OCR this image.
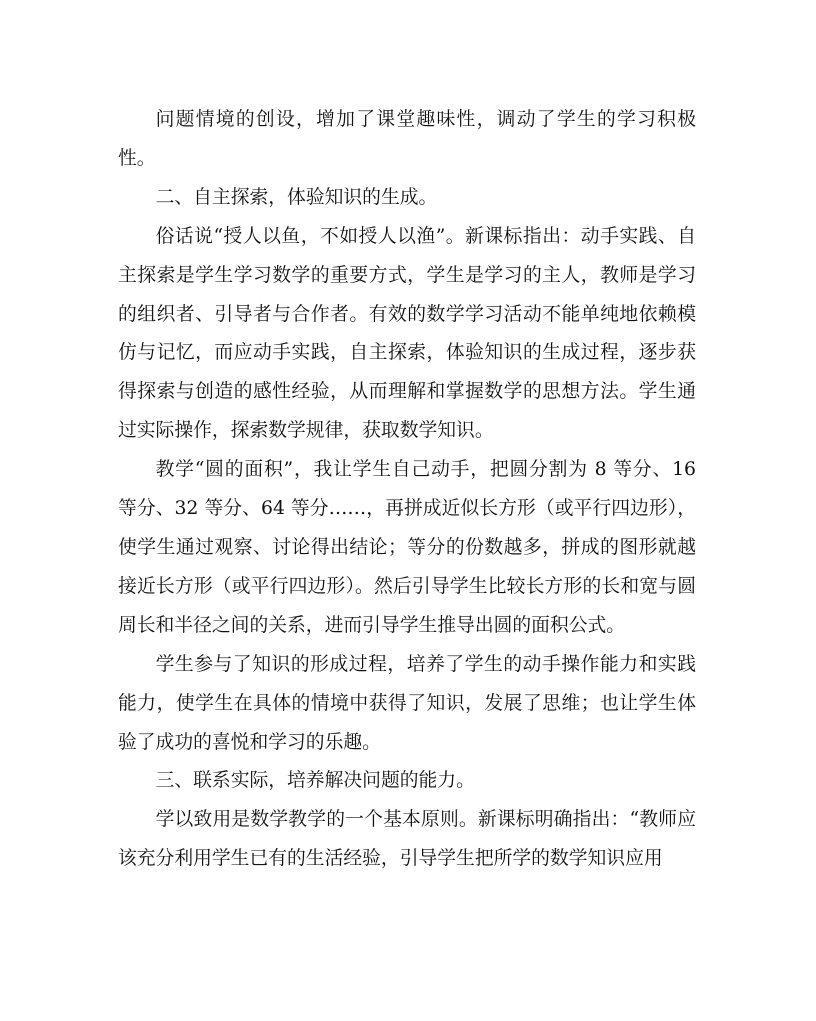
问题情境的创设，增加了课堂趣味性，调动了学生的学习积极性。

二、自主探索，体验知识的生成。

俗话说“授人以鱼，不如授人以渔”。新课标指出：动手实践、自主探索是学生学习数学的重要方式，学生是学习的主人，教师是学习的组织者、引导者与合作者。有效的数学学习活动不能单纯地依赖模仿与记忆，而应动手实践，自主探索，体验知识的生成过程，逐步获得探索与创造的感性经验，从而理解和掌握数学的思想方法。学生通过实际操作，探索数学规律，获取数学知识。

教学“圆的面积”，我让学生自己动手，把圆分割为 8 等分、16 等分、32 等分、64 等分……，再拼成近似长方形（或平行四边形），使学生通过观察、讨论得出结论；等分的份数越多，拼成的图形就越接近长方形（或平行四边形）。然后引导学生比较长方形的长和宽与圆周长和半径之间的关系，进而引导学生推导出圆的面积公式。

学生参与了知识的形成过程，培养了学生的动手操作能力和实践能力，使学生在具体的情境中获得了知识，发展了思维；也让学生体验了成功的喜悦和学习的乐趣。

三、联系实际，培养解决问题的能力。

学以致用是数学教学的一个基本原则。新课标明确指出：“教师应该充分利用学生已有的生活经验，引导学生把所学的数学知识应用
